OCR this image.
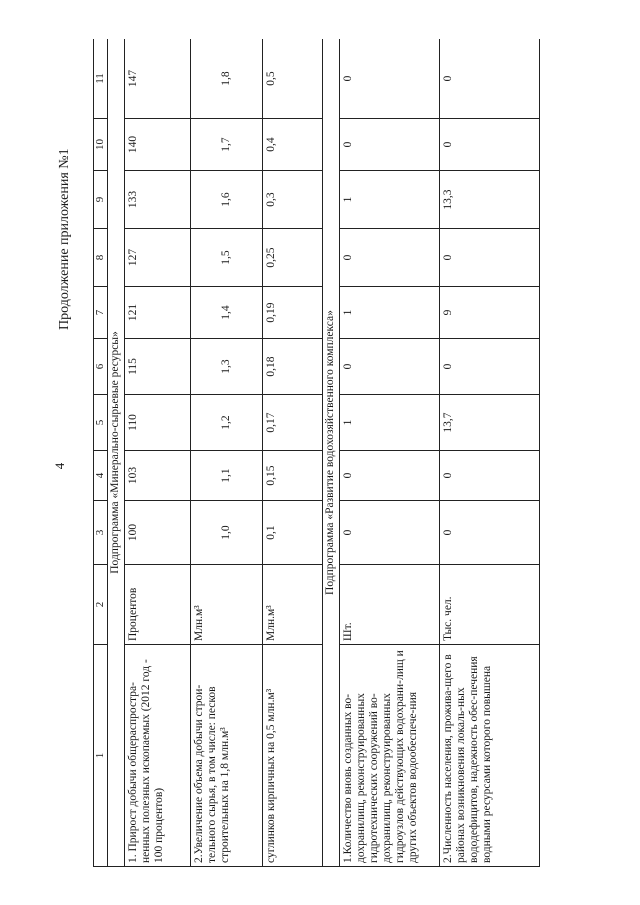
4
Продолжение приложения №1
1	2	3	4	5	6	7	8	9	10	11
Подпрограмма «Минерально-сырьевые ресурсы»										
1. Прирост добычи общераспростра-ненных полезных ископаемых (2012 год - 100 процентов)	Процентов	100	103	110	115	121	127	133	140	147
2.Увеличение объема добычи строи-тельного сырья, в том числе: песков строительных на 1,8 млн.м³	Млн.м³	1,0	1,1	1,2	1,3	1,4	1,5	1,6	1,7	1,8
суглинков кирпичных на 0,5 млн.м³	Млн.м³	0,1	0,15	0,17	0,18	0,19	0,25	0,3	0,4	0,5
Подпрограмма «Развитие водохозяйственного комплекса»										
1.Количество вновь созданных во-дохранилищ, реконструированных гидротехнических сооружений во-дохранилищ, реконструированных гидроузлов действующих водохрани-лищ и других объектов водообеспече-ния	Шт.	0	0	1	0	1	0	1	0	0
2.Численность населения, прожива-щего в районах возникновения локаль-ных вододефицитов, надежность обес-печения водными ресурсами которого повышена	Тыс. чел.	0	0	13,7	0	9	0	13,3	0	0
